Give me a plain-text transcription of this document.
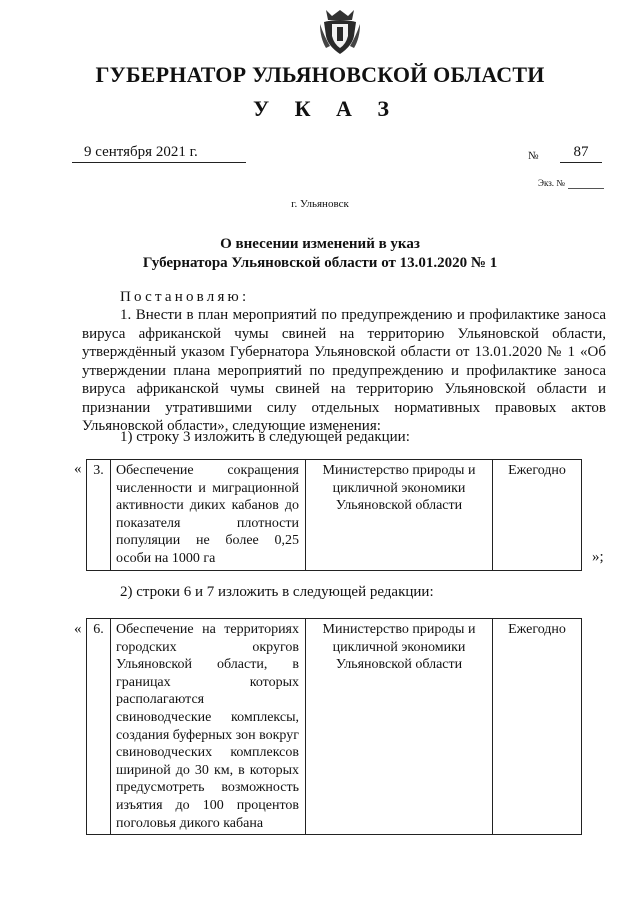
ГУБЕРНАТОР УЛЬЯНОВСКОЙ ОБЛАСТИ
У К А З
9 сентября 2021 г.	№	87
Экз. №
г. Ульяновск
О внесении изменений в указ
Губернатора Ульяновской области от 13.01.2020 № 1
Постановляю:
1. Внести в план мероприятий по предупреждению и профилактике заноса вируса африканской чумы свиней на территорию Ульяновской области, утверждённый указом Губернатора Ульяновской области от 13.01.2020 № 1 «Об утверждении плана мероприятий по предупреждению и профилактике заноса вируса африканской чумы свиней на территорию Ульяновской области и признании утратившими силу отдельных нормативных правовых актов Ульяновской области», следующие изменения:
1) строку 3 изложить в следующей редакции:
« 3.	Обеспечение сокращения численности и миграционной активности диких кабанов до показателя плотности популяции не более 0,25 особи на 1000 га	Министерство природы и цикличной экономики Ульяновской области	Ежегодно
»;
2) строки 6 и 7 изложить в следующей редакции:
« 6.	Обеспечение на территориях городских округов Ульяновской области, в границах которых располагаются свиноводческие комплексы, создания буферных зон вокруг свиноводческих комплексов шириной до 30 км, в которых предусмотреть возможность изъятия до 100 процентов поголовья дикого кабана	Министерство природы и цикличной экономики Ульяновской области	Ежегодно
